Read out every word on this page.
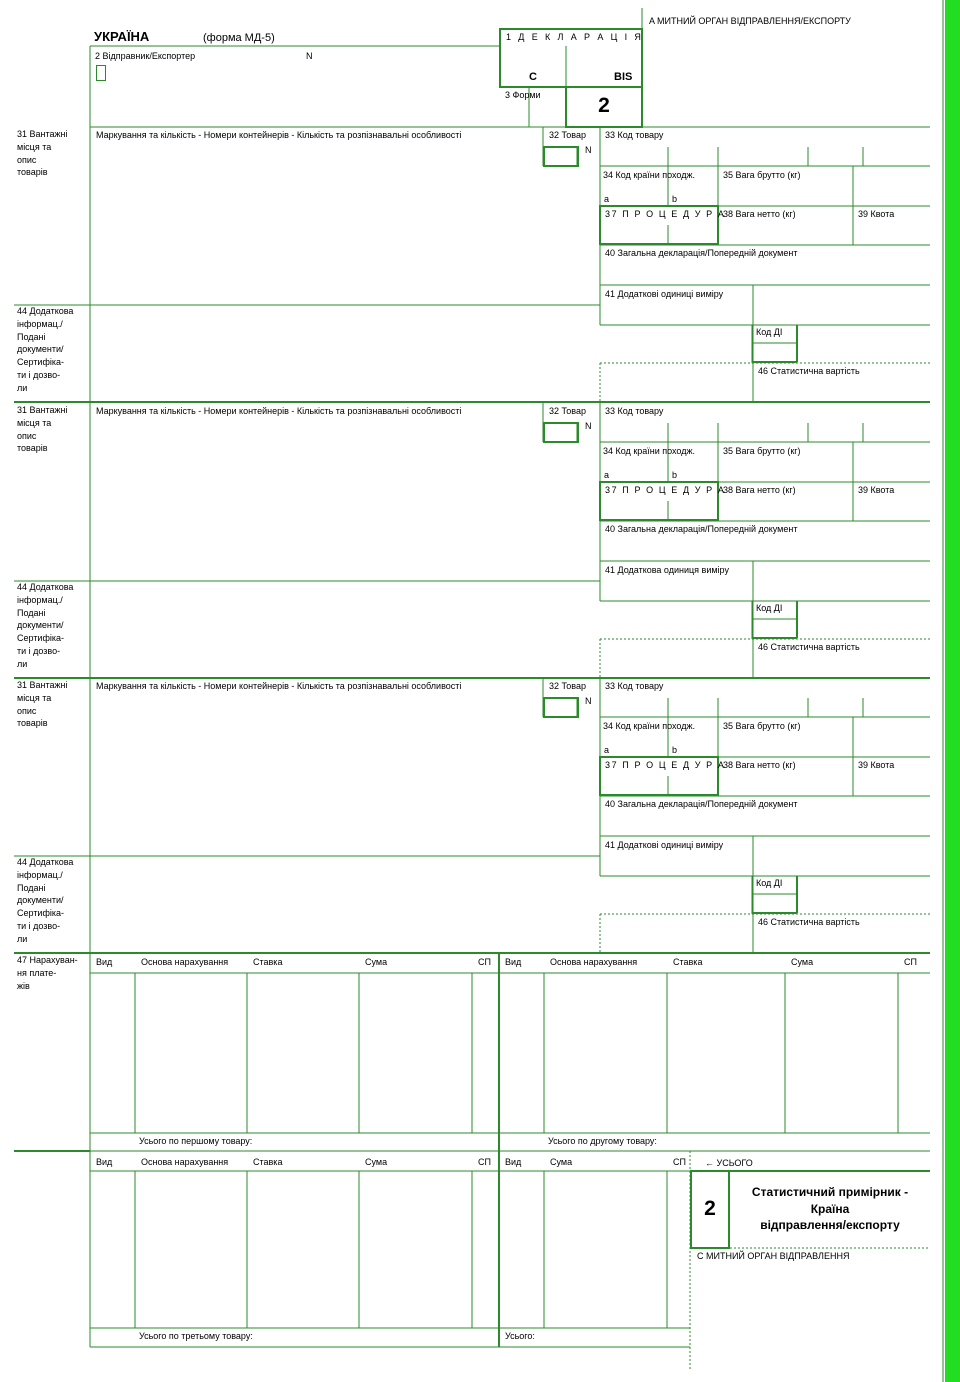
УКРАЇНА	(форма МД-5)
A МИТНИЙ ОРГАН ВІДПРАВЛЕННЯ/ЕКСПОРТУ
2 Відправник/Експортер	N
1 Д Е К Л А Р А Ц І Я
C	BIS
3 Форми	2
31 Вантажні
місця та
опис
товарів
Маркування та кількість - Номери контейнерів - Кількість та розпізнавальні особливості	32 Товар
N
33 Код товару
34 Код країни походж.
a	b
35 Вага брутто (кг)
37 П Р О Ц Е Д У Р А
38 Вага нетто (кг)	39 Квота
40 Загальна декларація/Попередній документ
41 Додаткові одиниці виміру
44 Додаткова
інформац./
Подані
документи/
Сертифіка-
ти і дозво-
ли
Код ДІ
46 Статистична вартість
31 Вантажні
місця та
опис
товарів
Маркування та кількість - Номери контейнерів - Кількість та розпізнавальні особливості	32 Товар
N
33 Код товару
34 Код країни походж.
a	b
35 Вага брутто (кг)
37 П Р О Ц Е Д У Р А
38 Вага нетто (кг)	39 Квота
40 Загальна декларація/Попередній документ
41 Додаткова одиниця виміру
44 Додаткова
інформац./
Подані
документи/
Сертифіка-
ти і дозво-
ли
Код ДІ
46 Статистична вартість
31 Вантажні
місця та
опис
товарів
Маркування та кількість - Номери контейнерів - Кількість та розпізнавальні особливості	32 Товар
N
33 Код товару
34 Код країни походж.
a	b
35 Вага брутто (кг)
37 П Р О Ц Е Д У Р А
38 Вага нетто (кг)	39 Квота
40 Загальна декларація/Попередній документ
41 Додаткові одиниці виміру
44 Додаткова
інформац./
Подані
документи/
Сертифіка-
ти і дозво-
ли
Код ДІ
46 Статистична вартість
47 Нарахуван-
ня плате-
жів
Вид	Основа нарахування	Ставка	Сума	СП Вид	Основа нарахування	Ставка	Сума	СП
Усього по першому товару:	Усього по другому товару:
Вид	Основа нарахування	Ставка	Сума	СП Вид	Сума	СП
Усього по третьому товару:	Усього:
← УСЬОГО
2
Статистичний примірник -
Країна
відправлення/експорту
C МИТНИЙ ОРГАН ВІДПРАВЛЕННЯ
